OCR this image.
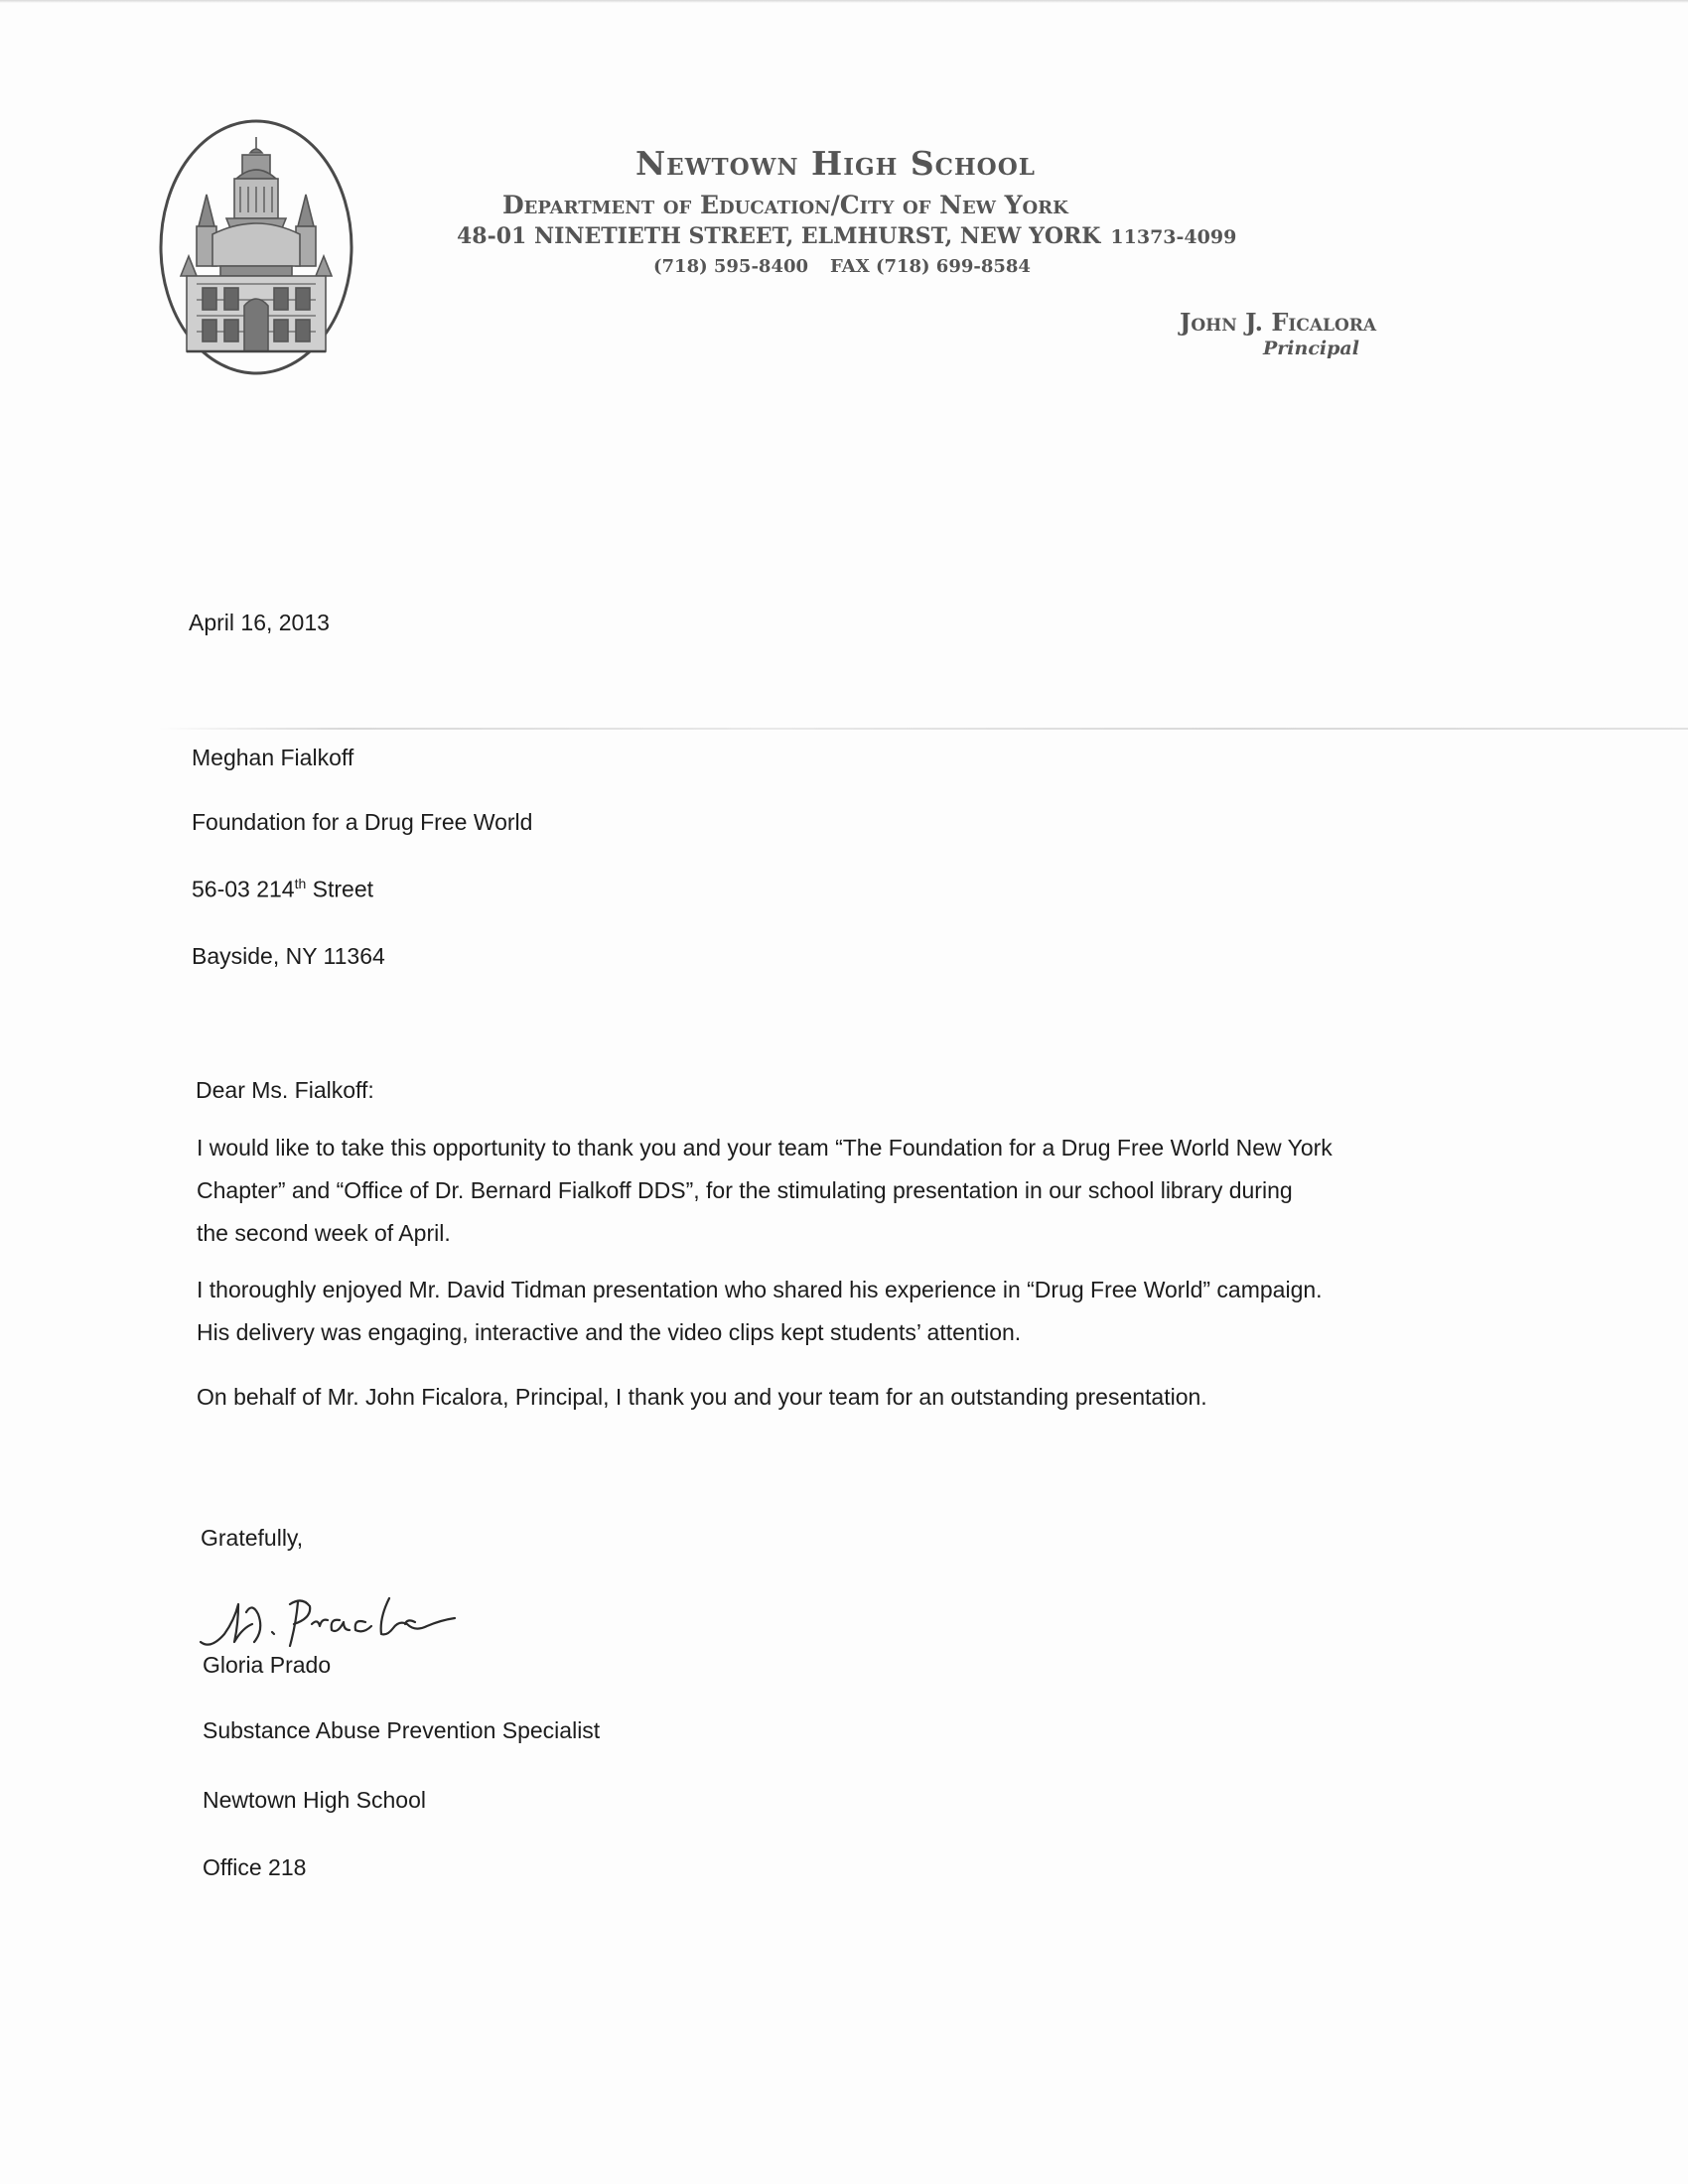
Newtown High School
Department of Education/City of New York
48-01 NINETIETH STREET, ELMHURST, NEW YORK 11373-4099
(718) 595-8400 FAX (718) 699-8584
John J. Ficalora
Principal
April 16, 2013
Meghan Fialkoff
Foundation for a Drug Free World
56-03 214th Street
Bayside, NY 11364
Dear Ms. Fialkoff:
I would like to take this opportunity to thank you and your team “The Foundation for a Drug Free World New York
Chapter” and “Office of Dr. Bernard Fialkoff DDS”, for the stimulating presentation in our school library during
the second week of April.
I thoroughly enjoyed Mr. David Tidman presentation who shared his experience in “Drug Free World” campaign.
His delivery was engaging, interactive and the video clips kept students’ attention.
On behalf of Mr. John Ficalora, Principal, I thank you and your team for an outstanding presentation.
Gratefully,
Gloria Prado
Substance Abuse Prevention Specialist
Newtown High School
Office 218
